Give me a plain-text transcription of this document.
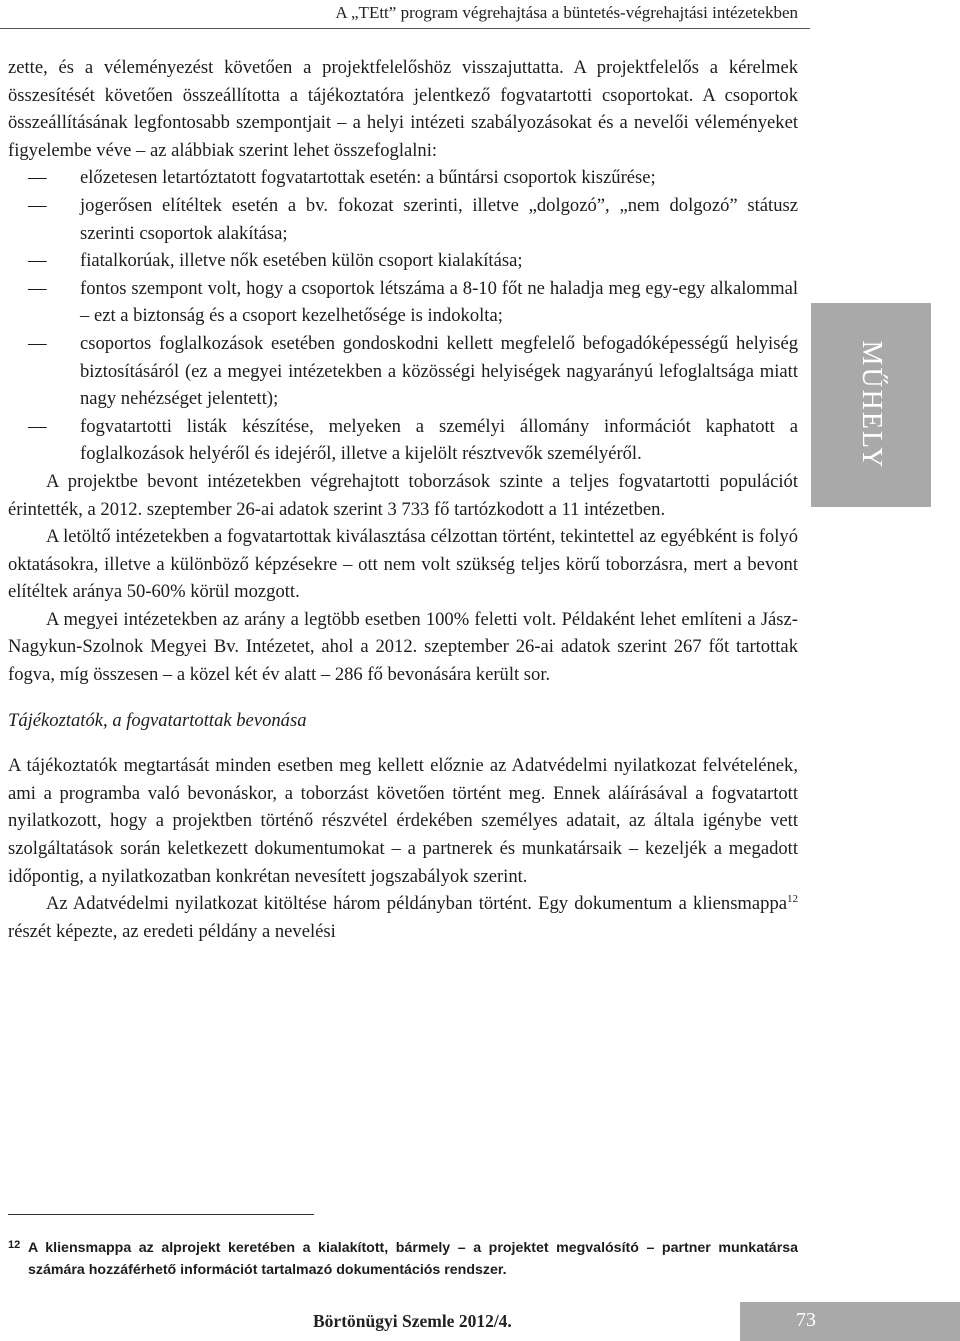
A „TEtt” program végrehajtása a büntetés-végrehajtási intézetekben

zette, és a véleményezést követően a projektfelelőshöz visszajuttatta. A projektfelelős a kérelmek összesítését követően összeállította a tájékoztatóra jelentkező fogvatartotti csoportokat. A csoportok összeállításának legfontosabb szempontjait – a helyi intézeti szabályozásokat és a nevelői véleményeket figyelembe véve – az alábbiak szerint lehet összefoglalni:

—	előzetesen letartóztatott fogvatartottak esetén: a bűntársi csoportok kiszűrése;
—	jogerősen elítéltek esetén a bv. fokozat szerinti, illetve „dolgozó”, „nem dolgozó” státusz szerinti csoportok alakítása;
—	fiatalkorúak, illetve nők esetében külön csoport kialakítása;
—	fontos szempont volt, hogy a csoportok létszáma a 8-10 főt ne haladja meg egy-egy alkalommal – ezt a biztonság és a csoport kezelhetősége is indokolta;
—	csoportos foglalkozások esetében gondoskodni kellett megfelelő befogadóképességű helyiség biztosításáról (ez a megyei intézetekben a közösségi helyiségek nagyarányú lefoglaltsága miatt nagy nehézséget jelentett);
—	fogvatartotti listák készítése, melyeken a személyi állomány információt kaphatott a foglalkozások helyéről és idejéről, illetve a kijelölt résztvevők személyéről.

A projektbe bevont intézetekben végrehajtott toborzások szinte a teljes fogvatartotti populációt érintették, a 2012. szeptember 26-ai adatok szerint 3 733 fő tartózkodott a 11 intézetben.

A letöltő intézetekben a fogvatartottak kiválasztása célzottan történt, tekintettel az egyébként is folyó oktatásokra, illetve a különböző képzésekre – ott nem volt szükség teljes körű toborzásra, mert a bevont elítéltek aránya 50-60% körül mozgott.

A megyei intézetekben az arány a legtöbb esetben 100% feletti volt. Példaként lehet említeni a Jász-Nagykun-Szolnok Megyei Bv. Intézetet, ahol a 2012. szeptember 26-ai adatok szerint 267 főt tartottak fogva, míg összesen – a közel két év alatt – 286 fő bevonására került sor.

Tájékoztatók, a fogvatartottak bevonása

A tájékoztatók megtartását minden esetben meg kellett előznie az Adatvédelmi nyilatkozat felvételének, ami a programba való bevonáskor, a toborzást követően történt meg. Ennek aláírásával a fogvatartott nyilatkozott, hogy a projektben történő részvétel érdekében személyes adatait, az általa igénybe vett szolgáltatások során keletkezett dokumentumokat – a partnerek és munkatársaik – kezeljék a megadott időpontig, a nyilatkozatban konkrétan nevesített jogszabályok szerint.

Az Adatvédelmi nyilatkozat kitöltése három példányban történt. Egy dokumentum a kliensmappa$^{12}$ részét képezte, az eredeti példány a nevelési

MŰHELY
12 A kliensmappa az alprojekt keretében a kialakított, bármely – a projektet megvalósító – partner munkatársa számára hozzáférhető információt tartalmazó dokumentációs rendszer.
Börtönügyi Szemle 2012/4.	73
